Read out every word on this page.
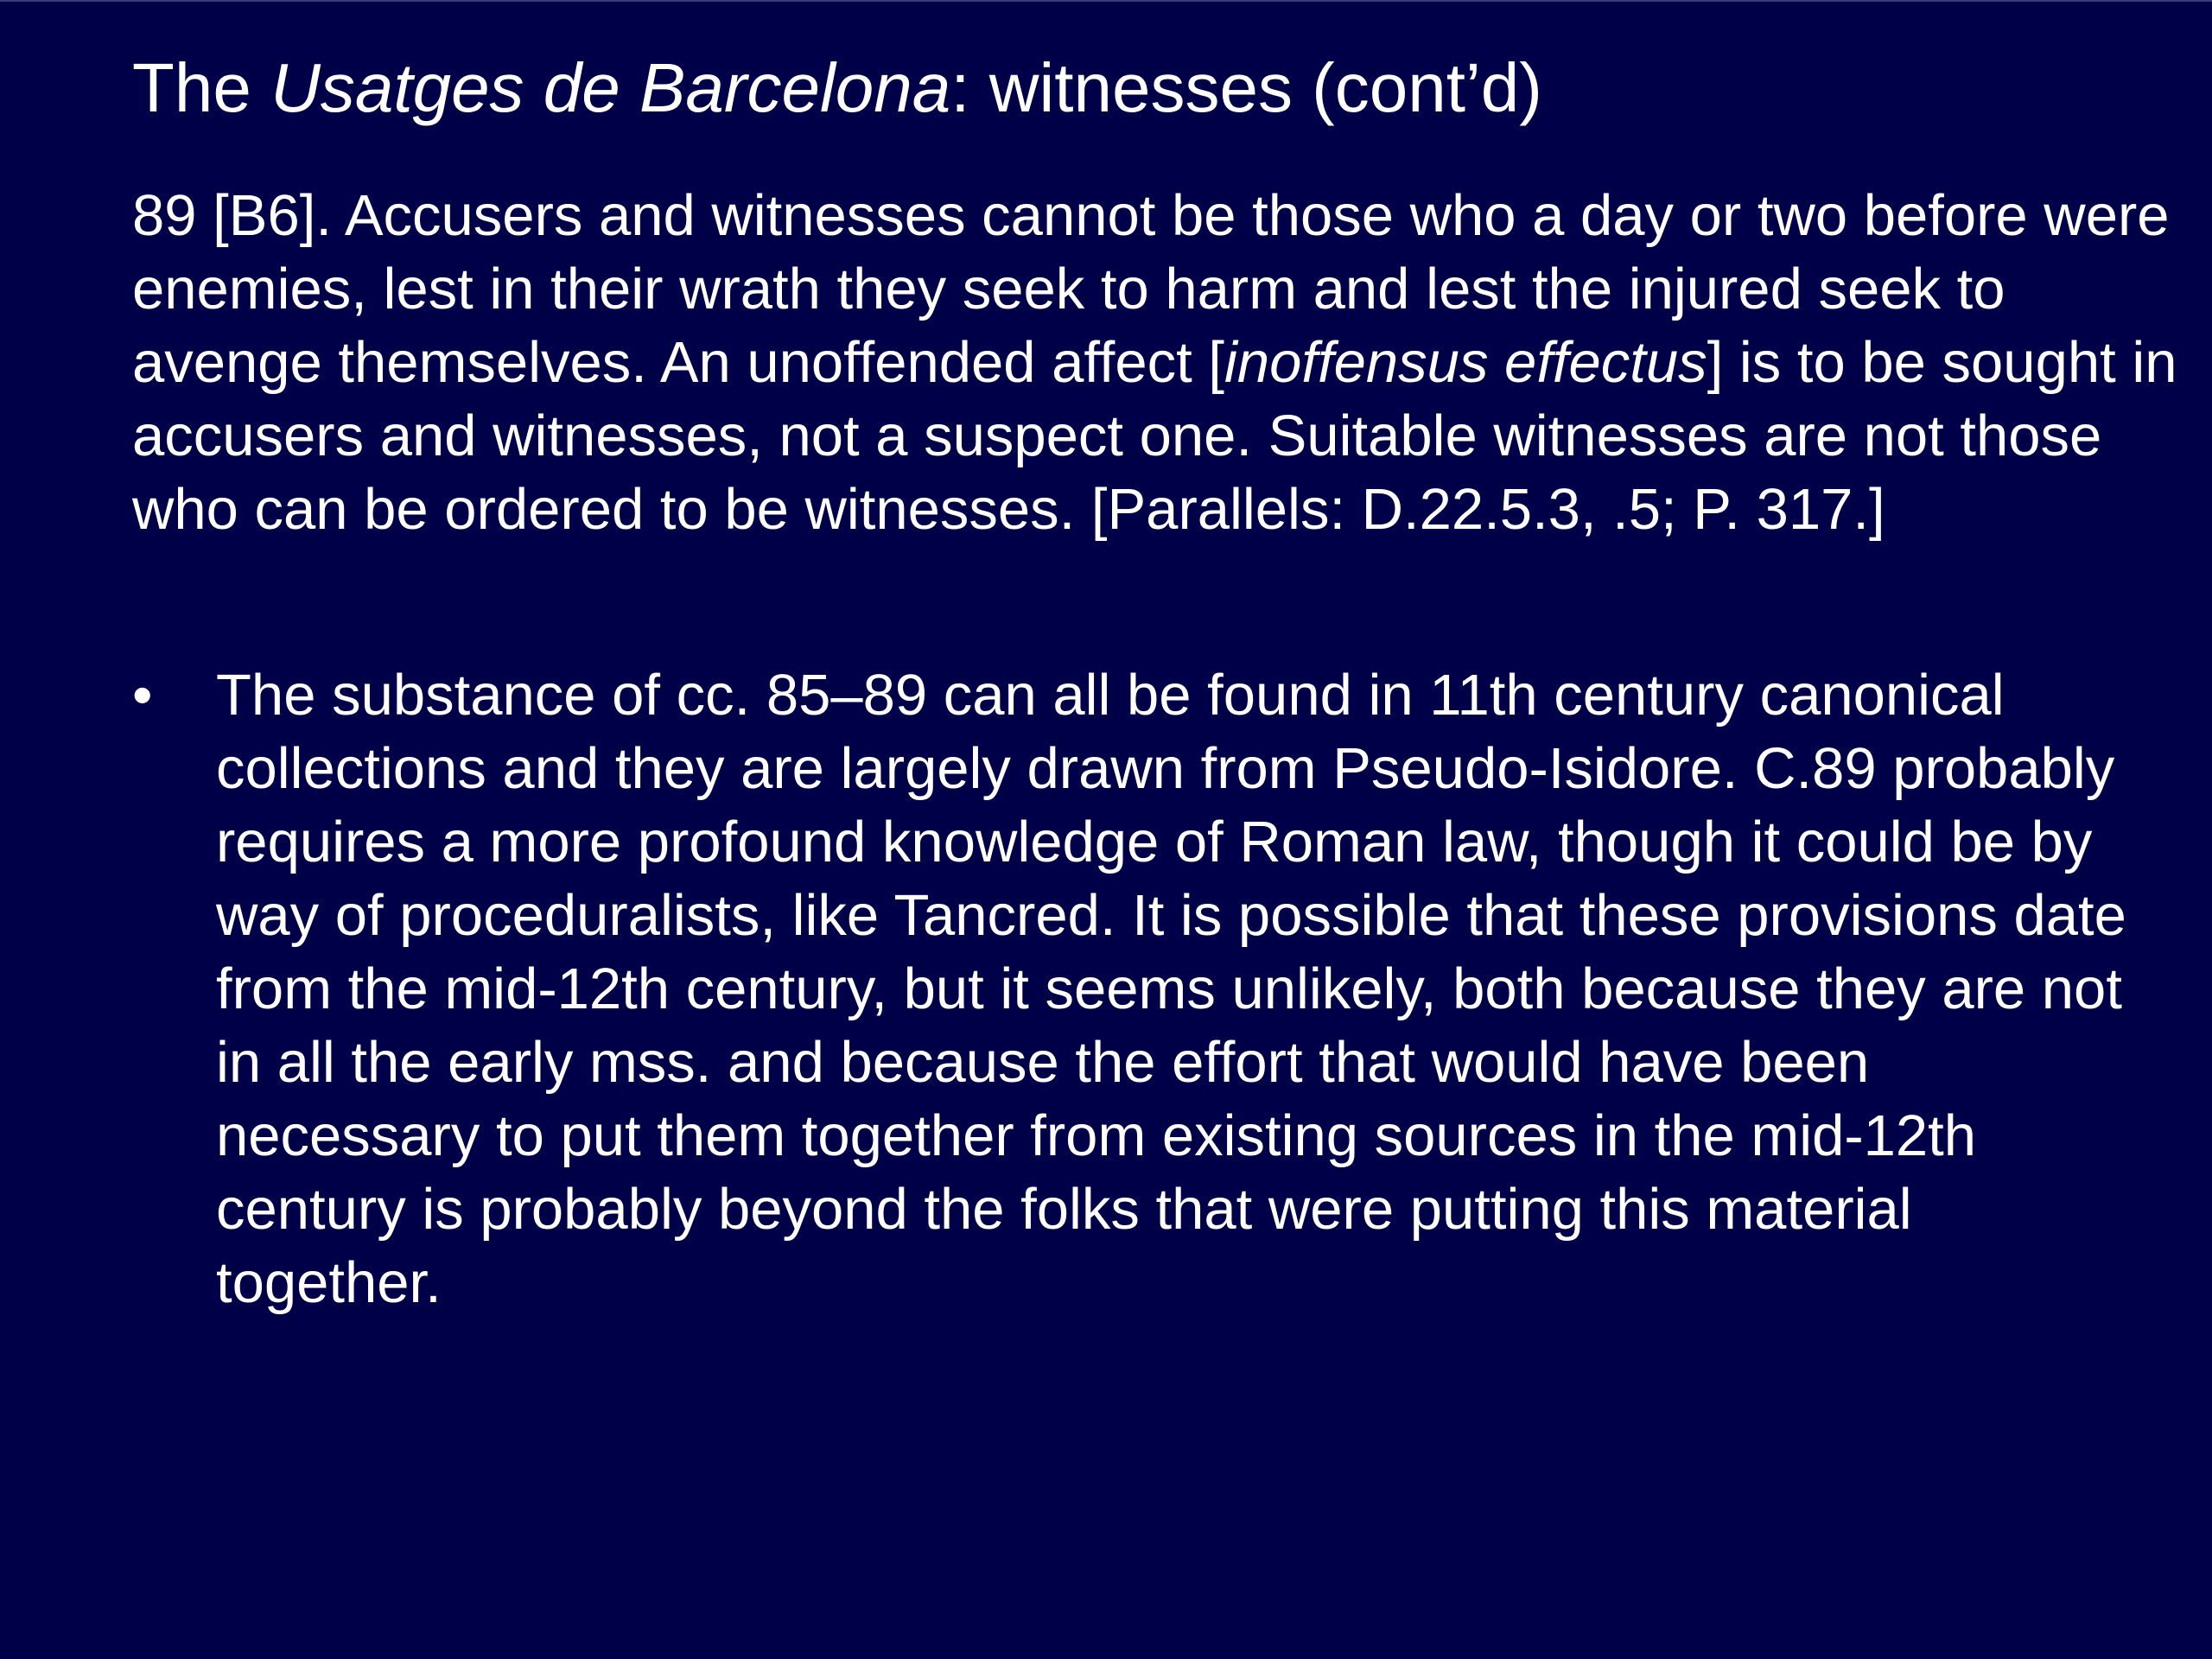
The Usatges de Barcelona: witnesses (cont’d)

89 [B6]. Accusers and witnesses cannot be those who a day or two before were enemies, lest in their wrath they seek to harm and lest the injured seek to avenge themselves. An unoffended affect [inoffensus effectus] is to be sought in accusers and witnesses, not a suspect one. Suitable witnesses are not those who can be ordered to be witnesses. [Parallels: D.22.5.3, .5; P. 317.]

• The substance of cc. 85–89 can all be found in 11th century canonical collections and they are largely drawn from Pseudo-Isidore. C.89 probably requires a more profound knowledge of Roman law, though it could be by way of proceduralists, like Tancred. It is possible that these provisions date from the mid-12th century, but it seems unlikely, both because they are not in all the early mss. and because the effort that would have been necessary to put them together from existing sources in the mid-12th century is probably beyond the folks that were putting this material together.
